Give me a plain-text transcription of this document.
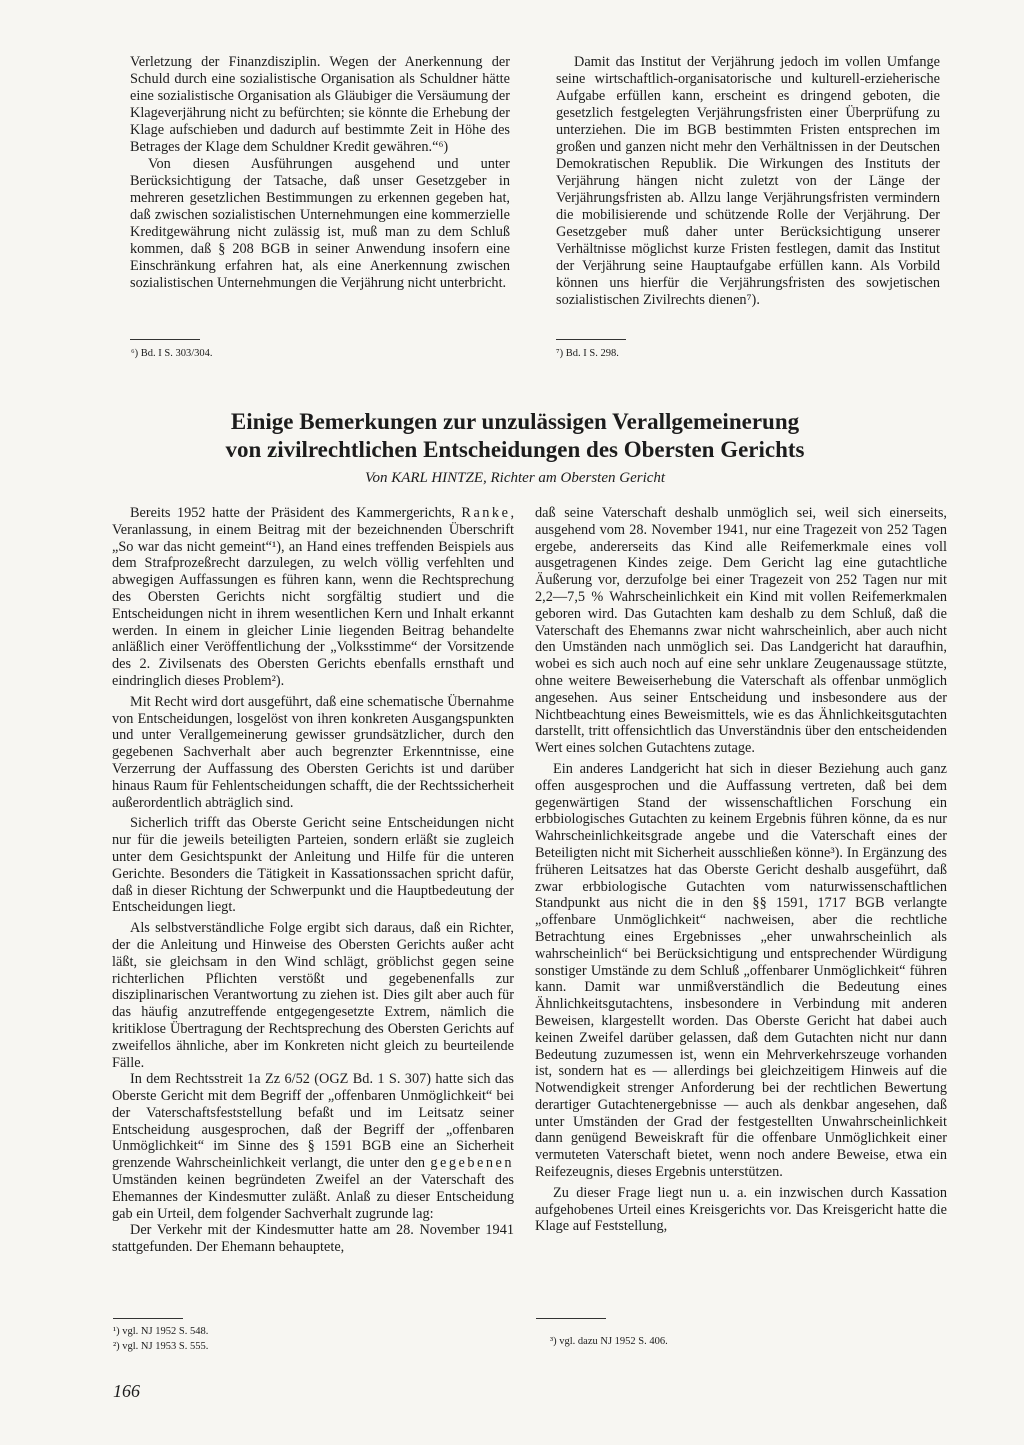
Verletzung der Finanzdisziplin. Wegen der Anerkennung der Schuld durch eine sozialistische Organisation als Schuldner hätte eine sozialistische Organisation als Gläubiger die Versäumung der Klageverjährung nicht zu befürchten; sie könnte die Erhebung der Klage aufschieben und dadurch auf bestimmte Zeit in Höhe des Betrages der Klage dem Schuldner Kredit gewähren.“⁶)

Von diesen Ausführungen ausgehend und unter Berücksichtigung der Tatsache, daß unser Gesetzgeber in mehreren gesetzlichen Bestimmungen zu erkennen gegeben hat, daß zwischen sozialistischen Unternehmungen eine kommerzielle Kreditgewährung nicht zulässig ist, muß man zu dem Schluß kommen, daß § 208 BGB in seiner Anwendung insofern eine Einschränkung erfahren hat, als eine Anerkennung zwischen sozialistischen Unternehmungen die Verjährung nicht unterbricht.

⁶) Bd. I S. 303/304.

Damit das Institut der Verjährung jedoch im vollen Umfange seine wirtschaftlich-organisatorische und kulturell-erzieherische Aufgabe erfüllen kann, erscheint es dringend geboten, die gesetzlich festgelegten Verjährungsfristen einer Überprüfung zu unterziehen. Die im BGB bestimmten Fristen entsprechen im großen und ganzen nicht mehr den Verhältnissen in der Deutschen Demokratischen Republik. Die Wirkungen des Instituts der Verjährung hängen nicht zuletzt von der Länge der Verjährungsfristen ab. Allzu lange Verjährungsfristen vermindern die mobilisierende und schützende Rolle der Verjährung. Der Gesetzgeber muß daher unter Berücksichtigung unserer Verhältnisse möglichst kurze Fristen festlegen, damit das Institut der Verjährung seine Hauptaufgabe erfüllen kann. Als Vorbild können uns hierfür die Verjährungsfristen des sowjetischen sozialistischen Zivilrechts dienen⁷).

⁷) Bd. I S. 298.
Einige Bemerkungen zur unzulässigen Verallgemeinerung
von zivilrechtlichen Entscheidungen des Obersten Gerichts
Von KARL HINTZE, Richter am Obersten Gericht

Bereits 1952 hatte der Präsident des Kammergerichts, Ranke, Veranlassung, in einem Beitrag mit der bezeichnenden Überschrift „So war das nicht gemeint“¹), an Hand eines treffenden Beispiels aus dem Strafprozeßrecht darzulegen, zu welch völlig verfehlten und abwegigen Auffassungen es führen kann, wenn die Rechtsprechung des Obersten Gerichts nicht sorgfältig studiert und die Entscheidungen nicht in ihrem wesentlichen Kern und Inhalt erkannt werden. In einem in gleicher Linie liegenden Beitrag behandelte anläßlich einer Veröffentlichung der „Volksstimme“ der Vorsitzende des 2. Zivilsenats des Obersten Gerichts ebenfalls ernsthaft und eindringlich dieses Problem²).

Mit Recht wird dort ausgeführt, daß eine schematische Übernahme von Entscheidungen, losgelöst von ihren konkreten Ausgangspunkten und unter Verallgemeinerung gewisser grundsätzlicher, durch den gegebenen Sachverhalt aber auch begrenzter Erkenntnisse, eine Verzerrung der Auffassung des Obersten Gerichts ist und darüber hinaus Raum für Fehlentscheidungen schafft, die der Rechtssicherheit außerordentlich abträglich sind.

Sicherlich trifft das Oberste Gericht seine Entscheidungen nicht nur für die jeweils beteiligten Parteien, sondern erläßt sie zugleich unter dem Gesichtspunkt der Anleitung und Hilfe für die unteren Gerichte. Besonders die Tätigkeit in Kassationssachen spricht dafür, daß in dieser Richtung der Schwerpunkt und die Hauptbedeutung der Entscheidungen liegt.

Als selbstverständliche Folge ergibt sich daraus, daß ein Richter, der die Anleitung und Hinweise des Obersten Gerichts außer acht läßt, sie gleichsam in den Wind schlägt, gröblichst gegen seine richterlichen Pflichten verstößt und gegebenenfalls zur disziplinarischen Verantwortung zu ziehen ist. Dies gilt aber auch für das häufig anzutreffende entgegengesetzte Extrem, nämlich die kritiklose Übertragung der Rechtsprechung des Obersten Gerichts auf zweifellos ähnliche, aber im Konkreten nicht gleich zu beurteilende Fälle.

In dem Rechtsstreit 1a Zz 6/52 (OGZ Bd. 1 S. 307) hatte sich das Oberste Gericht mit dem Begriff der „offenbaren Unmöglichkeit“ bei der Vaterschaftsfeststellung befaßt und im Leitsatz seiner Entscheidung ausgesprochen, daß der Begriff der „offenbaren Unmöglichkeit“ im Sinne des § 1591 BGB eine an Sicherheit grenzende Wahrscheinlichkeit verlangt, die unter den gegebenen Umständen keinen begründeten Zweifel an der Vaterschaft des Ehemannes der Kindesmutter zuläßt. Anlaß zu dieser Entscheidung gab ein Urteil, dem folgender Sachverhalt zugrunde lag:

Der Verkehr mit der Kindesmutter hatte am 28. November 1941 stattgefunden. Der Ehemann behauptete,

¹) vgl. NJ 1952 S. 548.
²) vgl. NJ 1953 S. 555.

daß seine Vaterschaft deshalb unmöglich sei, weil sich einerseits, ausgehend vom 28. November 1941, nur eine Tragezeit von 252 Tagen ergebe, andererseits das Kind alle Reifemerkmale eines voll ausgetragenen Kindes zeige. Dem Gericht lag eine gutachtliche Äußerung vor, derzufolge bei einer Tragezeit von 252 Tagen nur mit 2,2—7,5 % Wahrscheinlichkeit ein Kind mit vollen Reifemerkmalen geboren wird. Das Gutachten kam deshalb zu dem Schluß, daß die Vaterschaft des Ehemanns zwar nicht wahrscheinlich, aber auch nicht den Umständen nach unmöglich sei. Das Landgericht hat daraufhin, wobei es sich auch noch auf eine sehr unklare Zeugenaussage stützte, ohne weitere Beweiserhebung die Vaterschaft als offenbar unmöglich angesehen. Aus seiner Entscheidung und insbesondere aus der Nichtbeachtung eines Beweismittels, wie es das Ähnlichkeitsgutachten darstellt, tritt offensichtlich das Unverständnis über den entscheidenden Wert eines solchen Gutachtens zutage.

Ein anderes Landgericht hat sich in dieser Beziehung auch ganz offen ausgesprochen und die Auffassung vertreten, daß bei dem gegenwärtigen Stand der wissenschaftlichen Forschung ein erbbiologisches Gutachten zu keinem Ergebnis führen könne, da es nur Wahrscheinlichkeitsgrade angebe und die Vaterschaft eines der Beteiligten nicht mit Sicherheit ausschließen könne³). In Ergänzung des früheren Leitsatzes hat das Oberste Gericht deshalb ausgeführt, daß zwar erbbiologische Gutachten vom naturwissenschaftlichen Standpunkt aus nicht die in den §§ 1591, 1717 BGB verlangte „offenbare Unmöglichkeit“ nachweisen, aber die rechtliche Betrachtung eines Ergebnisses „eher unwahrscheinlich als wahrscheinlich“ bei Berücksichtigung und entsprechender Würdigung sonstiger Umstände zu dem Schluß „offenbarer Unmöglichkeit“ führen kann. Damit war unmißverständlich die Bedeutung eines Ähnlichkeitsgutachtens, insbesondere in Verbindung mit anderen Beweisen, klargestellt worden. Das Oberste Gericht hat dabei auch keinen Zweifel darüber gelassen, daß dem Gutachten nicht nur dann Bedeutung zuzumessen ist, wenn ein Mehrverkehrszeuge vorhanden ist, sondern hat es — allerdings bei gleichzeitigem Hinweis auf die Notwendigkeit strenger Anforderung bei der rechtlichen Bewertung derartiger Gutachtenergebnisse — auch als denkbar angesehen, daß unter Umständen der Grad der festgestellten Unwahrscheinlichkeit dann genügend Beweiskraft für die offenbare Unmöglichkeit einer vermuteten Vaterschaft bietet, wenn noch andere Beweise, etwa ein Reifezeugnis, dieses Ergebnis unterstützen.

Zu dieser Frage liegt nun u. a. ein inzwischen durch Kassation aufgehobenes Urteil eines Kreisgerichts vor. Das Kreisgericht hatte die Klage auf Feststellung,

³) vgl. dazu NJ 1952 S. 406.
166
